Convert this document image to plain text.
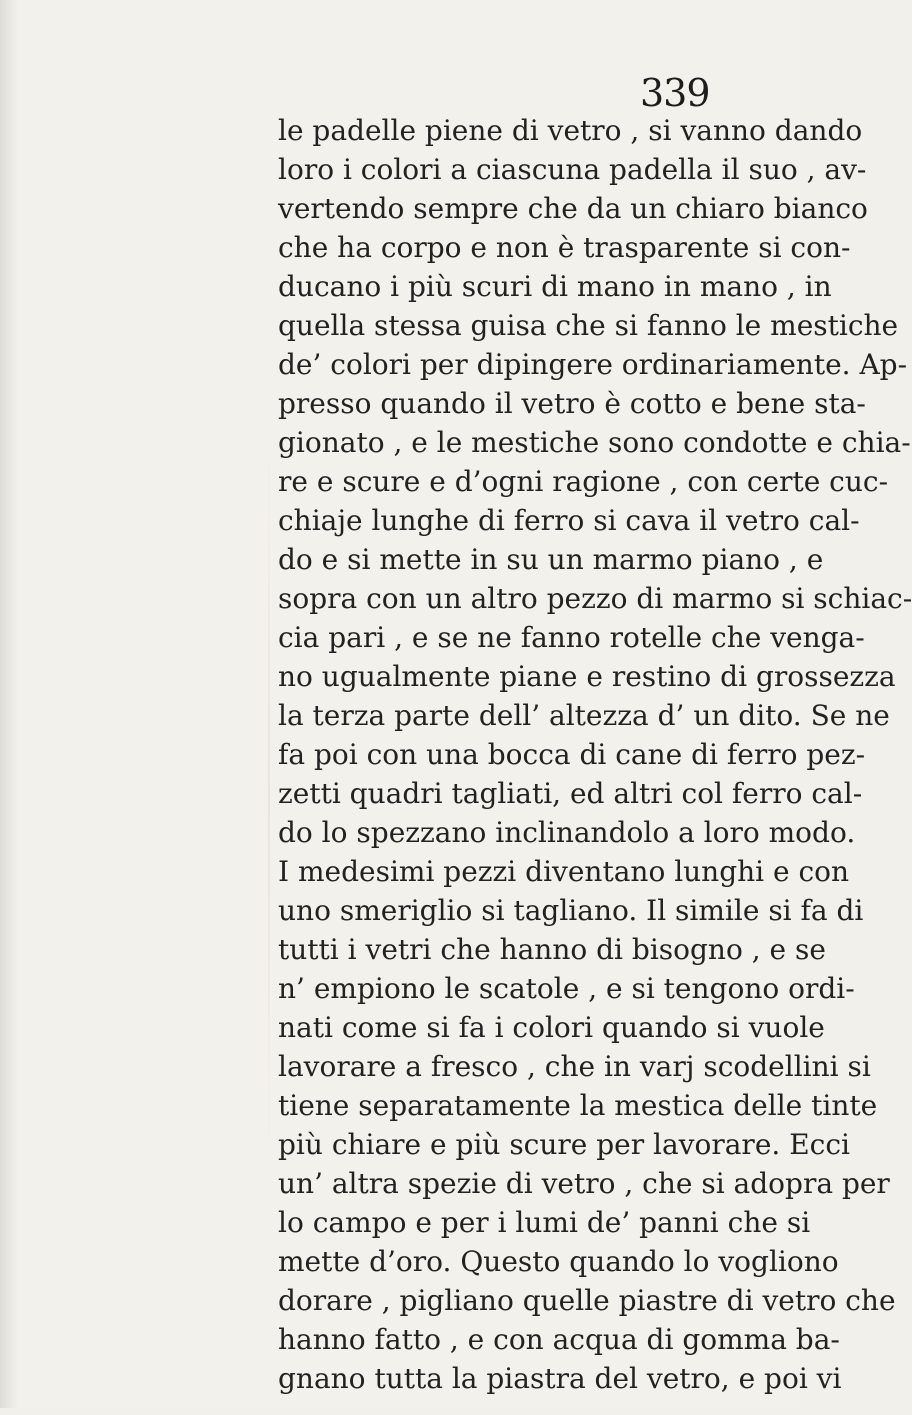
339
le padelle piene di vetro , si vanno dando
loro i colori a ciascuna padella il suo , av-
vertendo sempre che da un chiaro bianco
che ha corpo e non è trasparente si con-
ducano i più scuri di mano in mano , in
quella stessa guisa che si fanno le mestiche
de’ colori per dipingere ordinariamente. Ap-
presso quando il vetro è cotto e bene sta-
gionato , e le mestiche sono condotte e chia-
re e scure e d’ogni ragione , con certe cuc-
chiaje lunghe di ferro si cava il vetro cal-
do e si mette in su un marmo piano , e
sopra con un altro pezzo di marmo si schiac-
cia pari , e se ne fanno rotelle che venga-
no ugualmente piane e restino di grossezza
la terza parte dell’ altezza d’ un dito. Se ne
fa poi con una bocca di cane di ferro pez-
zetti quadri tagliati, ed altri col ferro cal-
do lo spezzano inclinandolo a loro modo.
I medesimi pezzi diventano lunghi e con
uno smeriglio si tagliano. Il simile si fa di
tutti i vetri che hanno di bisogno , e se
n’ empiono le scatole , e si tengono ordi-
nati come si fa i colori quando si vuole
lavorare a fresco , che in varj scodellini si
tiene separatamente la mestica delle tinte
più chiare e più scure per lavorare. Ecci
un’ altra spezie di vetro , che si adopra per
lo campo e per i lumi de’ panni che si
mette d’oro. Questo quando lo vogliono
dorare , pigliano quelle piastre di vetro che
hanno fatto , e con acqua di gomma ba-
gnano tutta la piastra del vetro, e poi vi
